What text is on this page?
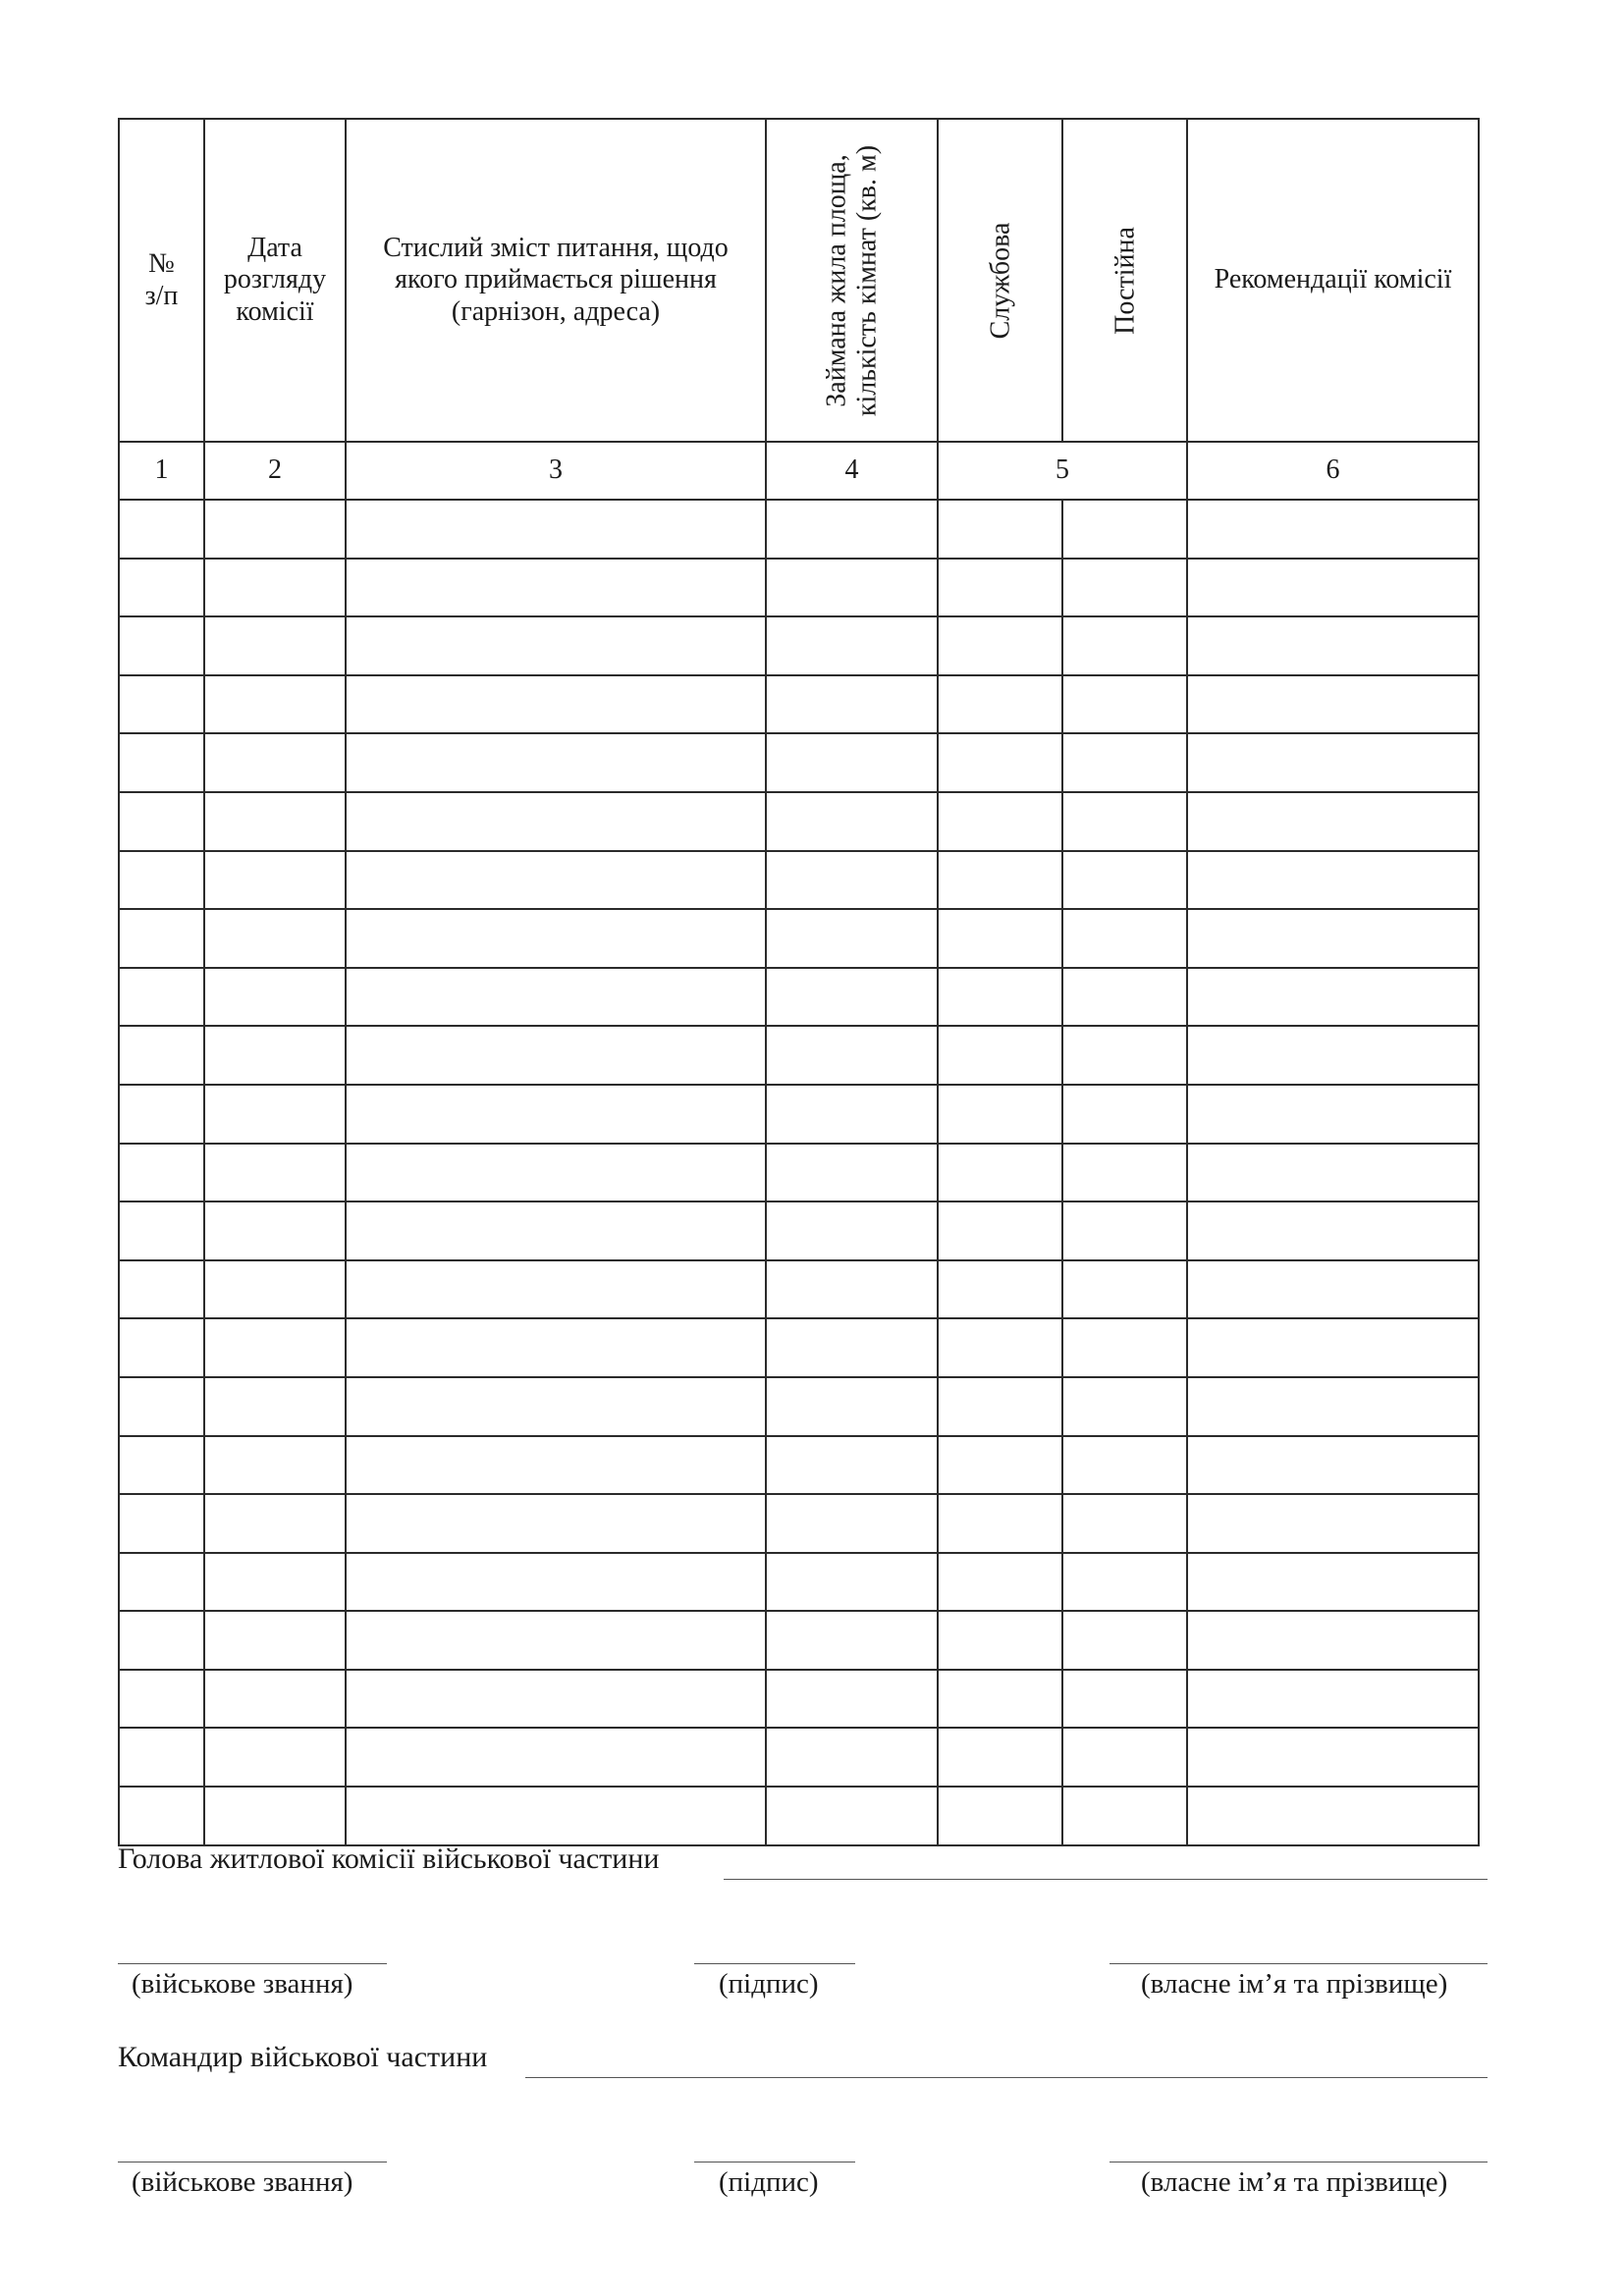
№ з/п	Дата розгляду комісії	Стислий зміст питання, щодо якого приймається рішення (гарнізон, адреса)	Займана жила площа, кількість кімнат (кв. м)	Службова	Постійна	Рекомендації комісії

1	2	3	4	5		6

Голова житлової комісії військової частини
(військове звання)	(підпис)	(власне ім’я та прізвище)
Командир військової частини
(військове звання)	(підпис)	(власне ім’я та прізвище)
